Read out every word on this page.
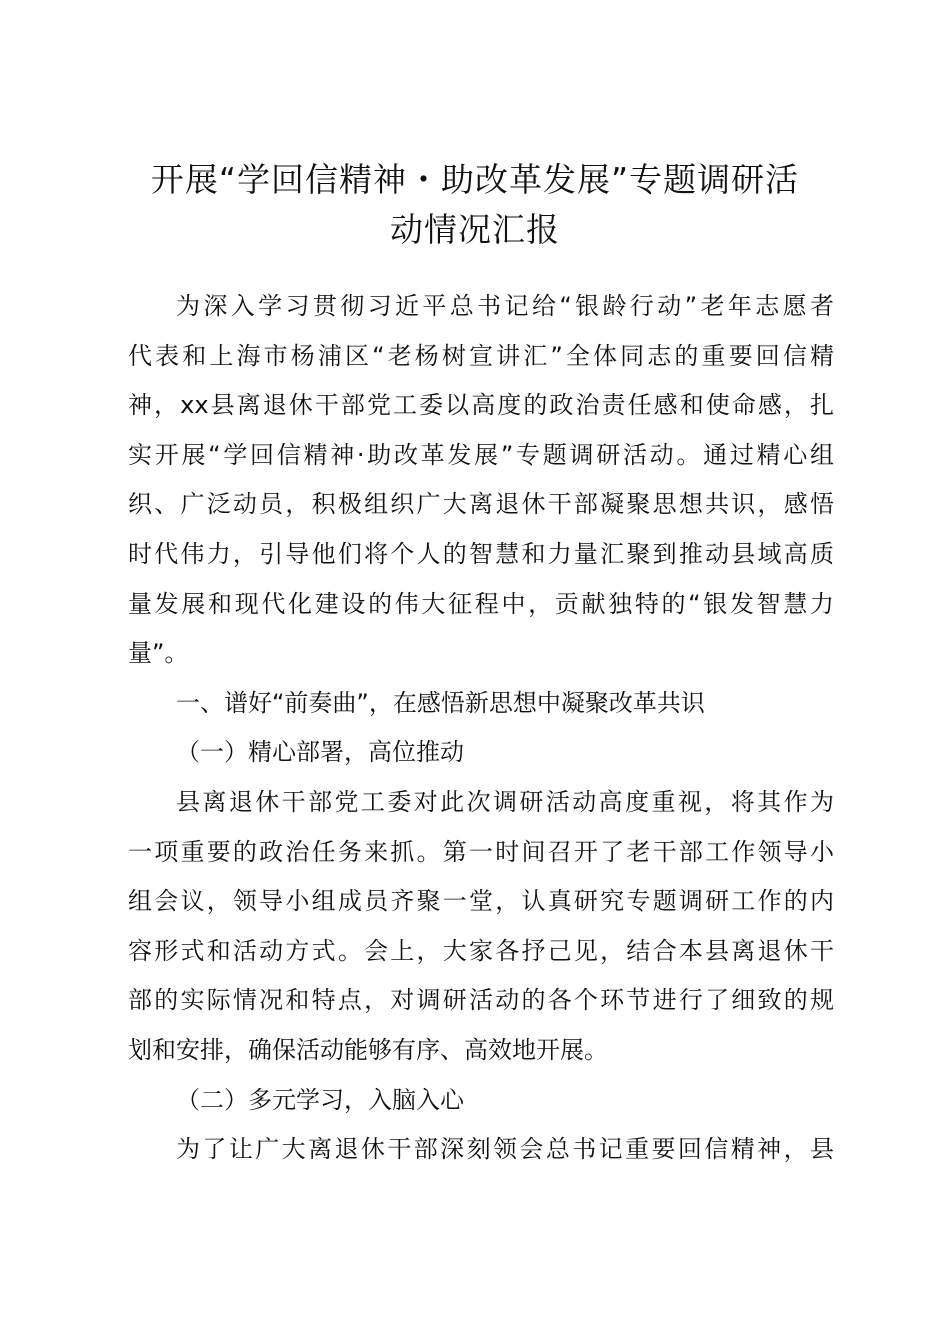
开展“学回信精神・助改革发展”专题调研活
动情况汇报
为深入学习贯彻习近平总书记给“银龄行动”老年志愿者
代表和上海市杨浦区“老杨树宣讲汇”全体同志的重要回信精
神，xx县离退休干部党工委以高度的政治责任感和使命感，扎
实开展“学回信精神·助改革发展”专题调研活动。通过精心组
织、广泛动员，积极组织广大离退休干部凝聚思想共识，感悟
时代伟力，引导他们将个人的智慧和力量汇聚到推动县域高质
量发展和现代化建设的伟大征程中，贡献独特的“银发智慧力
量”。
一、谱好“前奏曲”，在感悟新思想中凝聚改革共识
（一）精心部署，高位推动
县离退休干部党工委对此次调研活动高度重视，将其作为
一项重要的政治任务来抓。第一时间召开了老干部工作领导小
组会议，领导小组成员齐聚一堂，认真研究专题调研工作的内
容形式和活动方式。会上，大家各抒己见，结合本县离退休干
部的实际情况和特点，对调研活动的各个环节进行了细致的规
划和安排，确保活动能够有序、高效地开展。
（二）多元学习，入脑入心
为了让广大离退休干部深刻领会总书记重要回信精神，县
